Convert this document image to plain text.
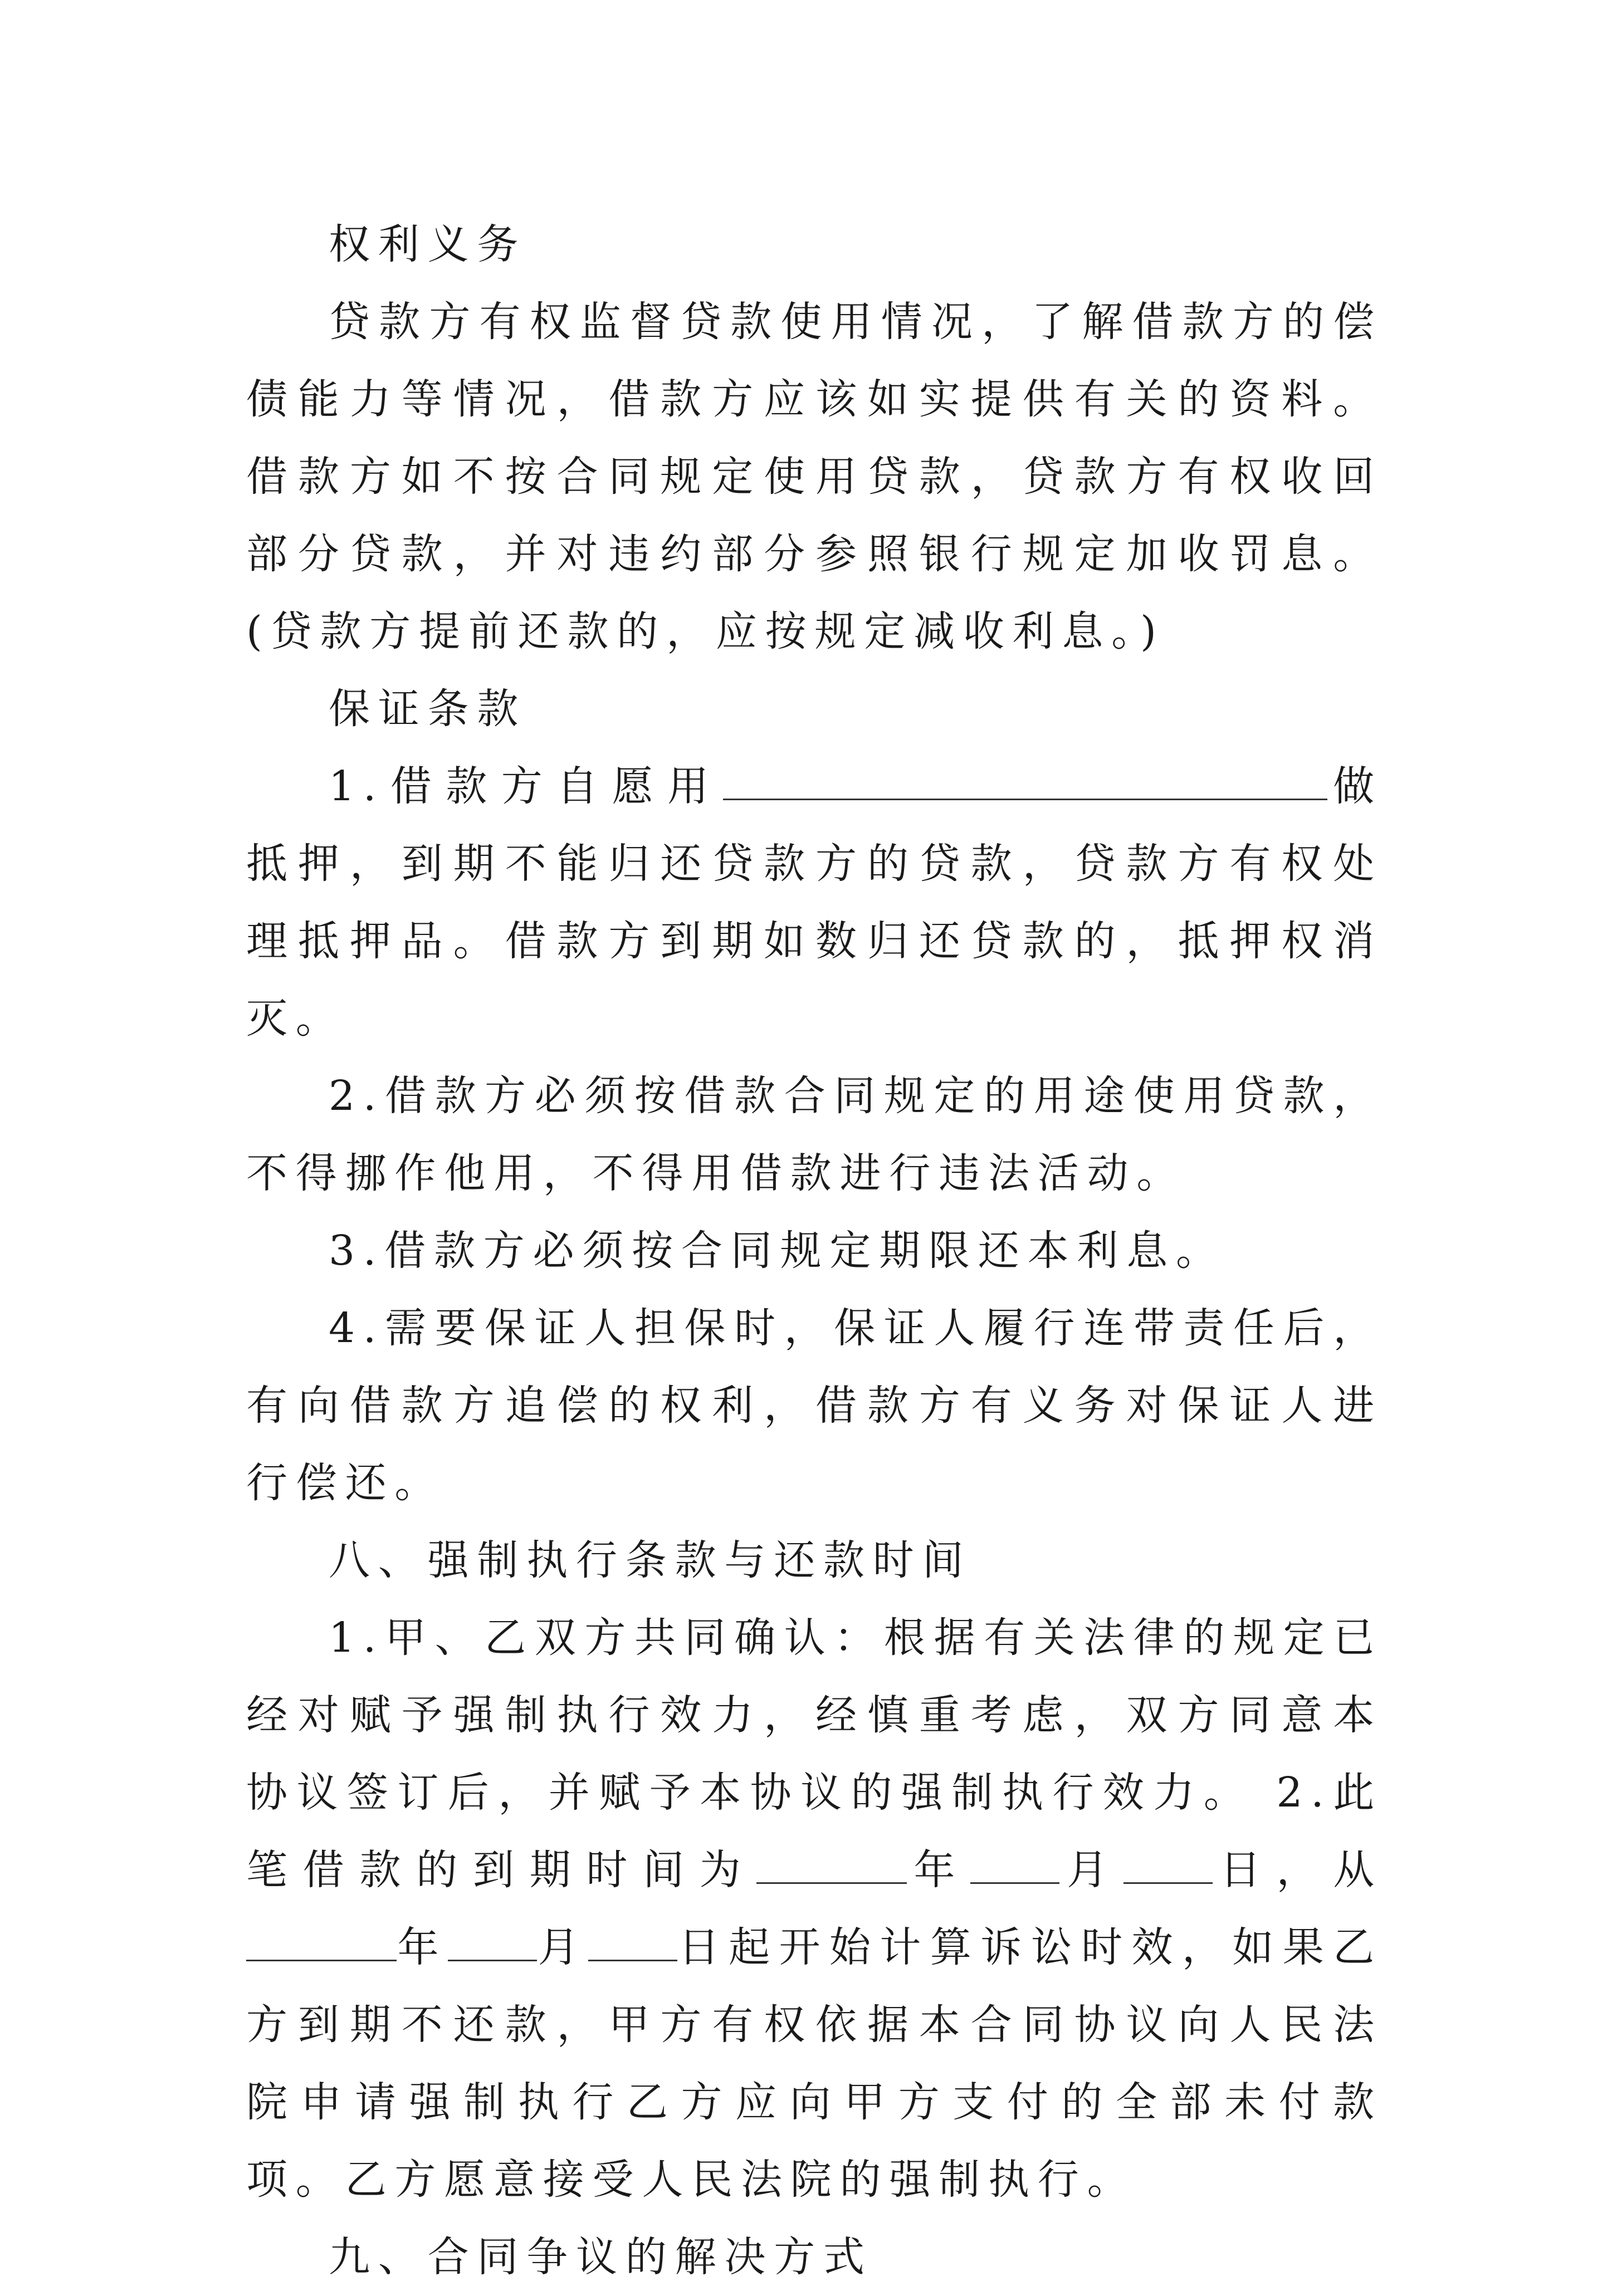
权利义务

贷款方有权监督贷款使用情况，了解借款方的偿债能力等情况，借款方应该如实提供有关的资料。借款方如不按合同规定使用贷款，贷款方有权收回部分贷款，并对违约部分参照银行规定加收罚息。(贷款方提前还款的，应按规定减收利息。)

保证条款

1.借款方自愿用	做抵押，到期不能归还贷款方的贷款，贷款方有权处理抵押品。借款方到期如数归还贷款的，抵押权消灭。

2.借款方必须按借款合同规定的用途使用贷款，不得挪作他用，不得用借款进行违法活动。

3.借款方必须按合同规定期限还本利息。

4.需要保证人担保时，保证人履行连带责任后，有向借款方追偿的权利，借款方有义务对保证人进行偿还。

八、强制执行条款与还款时间

1.甲、乙双方共同确认：根据有关法律的规定已经对赋予强制执行效力，经慎重考虑，双方同意本协议签订后，并赋予本协议的强制执行效力。 2.此笔借款的到期时间为	年 月 日，从年 月 日起开始计算诉讼时效，如果乙方到期不还款，甲方有权依据本合同协议向人民法院申请强制执行乙方应向甲方支付的全部未付款项。乙方愿意接受人民法院的强制执行。

九、合同争议的解决方式
